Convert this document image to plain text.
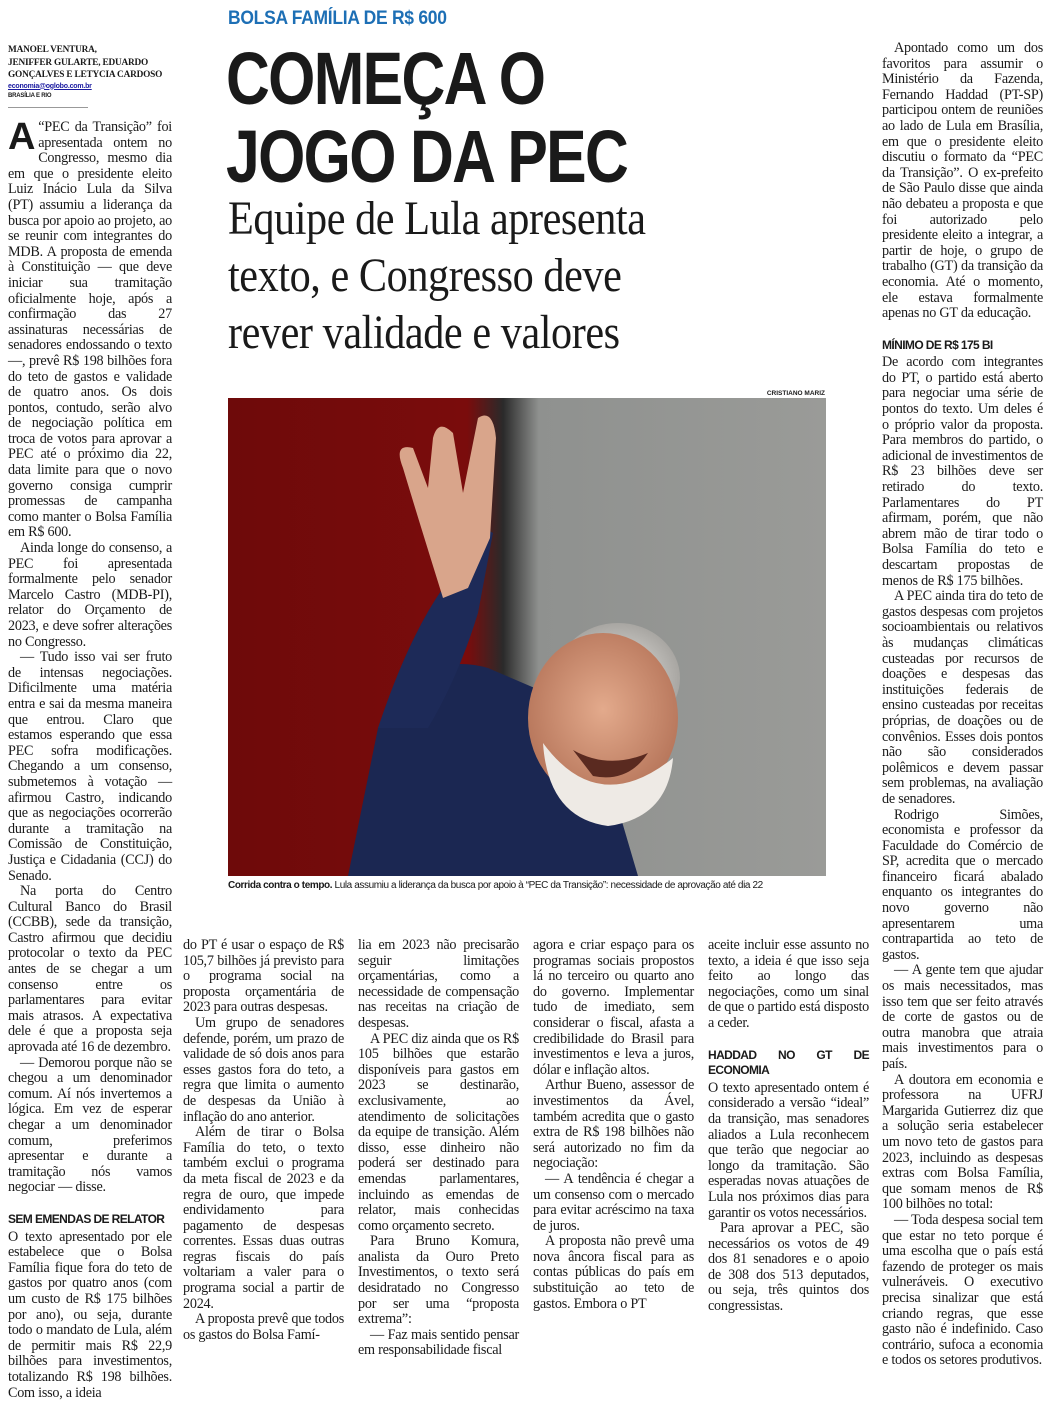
BOLSA FAMÍLIA DE R$ 600
COMEÇA O
JOGO DA PEC
Equipe de Lula apresenta
texto, e Congresso deve
rever validade e valores
MANOEL VENTURA,
JENIFFER GULARTE, EDUARDO
GONÇALVES E LETYCIA CARDOSO
economia@oglobo.com.br
BRASÍLIA E RIO

A “PEC da Transição” foi apresentada ontem no Congresso, mesmo dia em que o presidente eleito Luiz Inácio Lula da Silva (PT) assumiu a liderança da busca por apoio ao projeto, ao se reunir com integrantes do MDB. A proposta de emenda à Constituição — que deve iniciar sua tramitação oficialmente hoje, após a confirmação das 27 assinaturas necessárias de senadores endossando o texto —, prevê R$ 198 bilhões fora do teto de gastos e validade de quatro anos. Os dois pontos, contudo, serão alvo de negociação política em troca de votos para aprovar a PEC até o próximo dia 22, data limite para que o novo governo consiga cumprir promessas de campanha como manter o Bolsa Família em R$ 600.

Ainda longe do consenso, a PEC foi apresentada formalmente pelo senador Marcelo Castro (MDB-PI), relator do Orçamento de 2023, e deve sofrer alterações no Congresso.

— Tudo isso vai ser fruto de intensas negociações. Dificilmente uma matéria entra e sai da mesma maneira que entrou. Claro que estamos esperando que essa PEC sofra modificações. Chegando a um consenso, submetemos à votação — afirmou Castro, indicando que as negociações ocorrerão durante a tramitação na Comissão de Constituição, Justiça e Cidadania (CCJ) do Senado.

Na porta do Centro Cultural Banco do Brasil (CCBB), sede da transição, Castro afirmou que decidiu protocolar o texto da PEC antes de se chegar a um consenso entre os parlamentares para evitar mais atrasos. A expectativa dele é que a proposta seja aprovada até 16 de dezembro.

— Demorou porque não se chegou a um denominador comum. Aí nós invertemos a lógica. Em vez de esperar chegar a um denominador comum, preferimos apresentar e durante a tramitação nós vamos negociar — disse.

SEM EMENDAS DE RELATOR

O texto apresentado por ele estabelece que o Bolsa Família fique fora do teto de gastos por quatro anos (com um custo de R$ 175 bilhões por ano), ou seja, durante todo o mandato de Lula, além de permitir mais R$ 22,9 bilhões para investimentos, totalizando R$ 198 bilhões. Com isso, a ideia

CRISTIANO MARIZ
Corrida contra o tempo. Lula assumiu a liderança da busca por apoio à “PEC da Transição”: necessidade de aprovação até dia 22

do PT é usar o espaço de R$ 105,7 bilhões já previsto para o programa social na proposta orçamentária de 2023 para outras despesas.

Um grupo de senadores defende, porém, um prazo de validade de só dois anos para esses gastos fora do teto, a regra que limita o aumento de despesas da União à inflação do ano anterior.

Além de tirar o Bolsa Família do teto, o texto também exclui o programa da meta fiscal de 2023 e da regra de ouro, que impede endividamento para pagamento de despesas correntes. Essas duas outras regras fiscais do país voltariam a valer para o programa social a partir de 2024.

A proposta prevê que todos os gastos do Bolsa Famí-

lia em 2023 não precisarão seguir limitações orçamentárias, como a necessidade de compensação nas receitas na criação de despesas.

A PEC diz ainda que os R$ 105 bilhões que estarão disponíveis para gastos em 2023 se destinarão, exclusivamente, ao atendimento de solicitações da equipe de transição. Além disso, esse dinheiro não poderá ser destinado para emendas parlamentares, incluindo as emendas de relator, mais conhecidas como orçamento secreto.

Para Bruno Komura, analista da Ouro Preto Investimentos, o texto será desidratado no Congresso por ser uma “proposta extrema”:

— Faz mais sentido pensar em responsabilidade fiscal

agora e criar espaço para os programas sociais propostos lá no terceiro ou quarto ano do governo. Implementar tudo de imediato, sem considerar o fiscal, afasta a credibilidade do Brasil para investimentos e leva a juros, dólar e inflação altos.

Arthur Bueno, assessor de investimentos da Ável, também acredita que o gasto extra de R$ 198 bilhões não será autorizado no fim da negociação:

— A tendência é chegar a um consenso com o mercado para evitar acréscimo na taxa de juros.

A proposta não prevê uma nova âncora fiscal para as contas públicas do país em substituição ao teto de gastos. Embora o PT

aceite incluir esse assunto no texto, a ideia é que isso seja feito ao longo das negociações, como um sinal de que o partido está disposto a ceder.

HADDAD NO GT DE ECONOMIA

O texto apresentado ontem é considerado a versão “ideal” da transição, mas senadores aliados a Lula reconhecem que terão que negociar ao longo da tramitação. São esperadas novas atuações de Lula nos próximos dias para garantir os votos necessários.

Para aprovar a PEC, são necessários os votos de 49 dos 81 senadores e o apoio de 308 dos 513 deputados, ou seja, três quintos dos congressistas.

Apontado como um dos favoritos para assumir o Ministério da Fazenda, Fernando Haddad (PT-SP) participou ontem de reuniões ao lado de Lula em Brasília, em que o presidente eleito discutiu o formato da “PEC da Transição”. O ex-prefeito de São Paulo disse que ainda não debateu a proposta e que foi autorizado pelo presidente eleito a integrar, a partir de hoje, o grupo de trabalho (GT) da transição da economia. Até o momento, ele estava formalmente apenas no GT da educação.

MÍNIMO DE R$ 175 BI

De acordo com integrantes do PT, o partido está aberto para negociar uma série de pontos do texto. Um deles é o próprio valor da proposta. Para membros do partido, o adicional de investimentos de R$ 23 bilhões deve ser retirado do texto. Parlamentares do PT afirmam, porém, que não abrem mão de tirar todo o Bolsa Família do teto e descartam propostas de menos de R$ 175 bilhões.

A PEC ainda tira do teto de gastos despesas com projetos socioambientais ou relativos às mudanças climáticas custeadas por recursos de doações e despesas das instituições federais de ensino custeadas por receitas próprias, de doações ou de convênios. Esses dois pontos não são considerados polêmicos e devem passar sem problemas, na avaliação de senadores.

Rodrigo Simões, economista e professor da Faculdade do Comércio de SP, acredita que o mercado financeiro ficará abalado enquanto os integrantes do novo governo não apresentarem uma contrapartida ao teto de gastos.

— A gente tem que ajudar os mais necessitados, mas isso tem que ser feito através de corte de gastos ou de outra manobra que atraia mais investimentos para o país.

A doutora em economia e professora na UFRJ Margarida Gutierrez diz que a solução seria estabelecer um novo teto de gastos para 2023, incluindo as despesas extras com Bolsa Família, que somam menos de R$ 100 bilhões no total:

— Toda despesa social tem que estar no teto porque é uma escolha que o país está fazendo de proteger os mais vulneráveis. O executivo precisa sinalizar que está criando regras, que esse gasto não é indefinido. Caso contrário, sufoca a economia e todos os setores produtivos.
